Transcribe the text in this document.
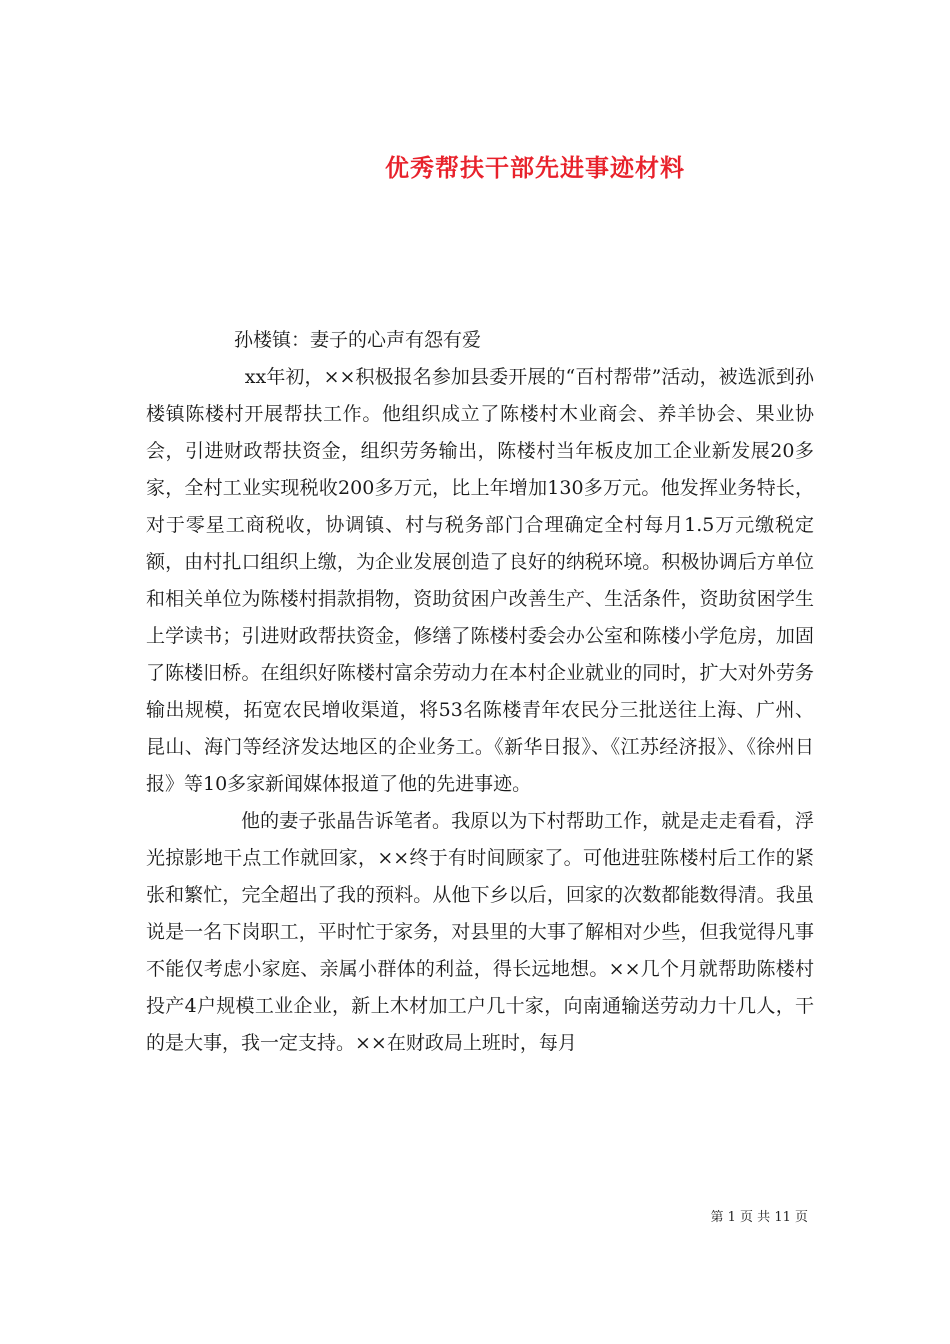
优秀帮扶干部先进事迹材料

孙楼镇：妻子的心声有怨有爱

xx年初，××积极报名参加县委开展的“百村帮带”活动，被选派到孙楼镇陈楼村开展帮扶工作。他组织成立了陈楼村木业商会、养羊协会、果业协会，引进财政帮扶资金，组织劳务输出，陈楼村当年板皮加工企业新发展20多家，全村工业实现税收200多万元，比上年增加130多万元。他发挥业务特长，对于零星工商税收，协调镇、村与税务部门合理确定全村每月1.5万元缴税定额，由村扎口组织上缴，为企业发展创造了良好的纳税环境。积极协调后方单位和相关单位为陈楼村捐款捐物，资助贫困户改善生产、生活条件，资助贫困学生上学读书；引进财政帮扶资金，修缮了陈楼村委会办公室和陈楼小学危房，加固了陈楼旧桥。在组织好陈楼村富余劳动力在本村企业就业的同时，扩大对外劳务输出规模，拓宽农民增收渠道，将53名陈楼青年农民分三批送往上海、广州、昆山、海门等经济发达地区的企业务工。《新华日报》、《江苏经济报》、《徐州日报》等10多家新闻媒体报道了他的先进事迹。

他的妻子张晶告诉笔者。我原以为下村帮助工作，就是走走看看，浮光掠影地干点工作就回家，××终于有时间顾家了。可他进驻陈楼村后工作的紧张和繁忙，完全超出了我的预料。从他下乡以后，回家的次数都能数得清。我虽说是一名下岗职工，平时忙于家务，对县里的大事了解相对少些，但我觉得凡事不能仅考虑小家庭、亲属小群体的利益，得长远地想。××几个月就帮助陈楼村投产4户规模工业企业，新上木材加工户几十家，向南通输送劳动力十几人，干的是大事，我一定支持。××在财政局上班时，每月

第 1 页 共 11 页
